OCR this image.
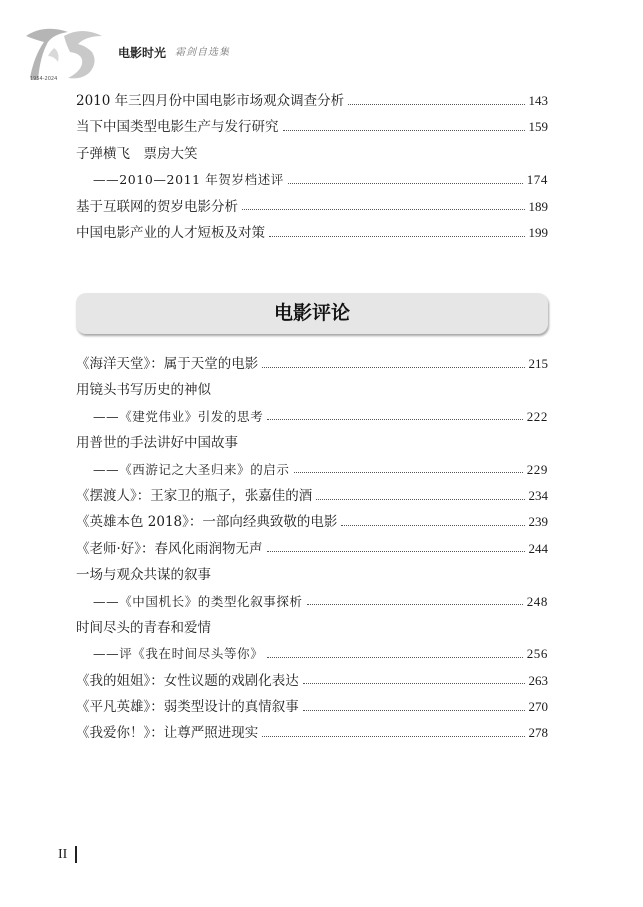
1954-2024
电影时光 霜剑自选集
2010 年三四月份中国电影市场观众调查分析	143
当下中国类型电影生产与发行研究	159
子弹横飞　票房大笑
——2010—2011 年贺岁档述评	174
基于互联网的贺岁电影分析	189
中国电影产业的人才短板及对策	199
电影评论
《海洋天堂》：属于天堂的电影	215
用镜头书写历史的神似
——《建党伟业》引发的思考	222
用普世的手法讲好中国故事
——《西游记之大圣归来》的启示	229
《摆渡人》：王家卫的瓶子，张嘉佳的酒	234
《英雄本色 2018》：一部向经典致敬的电影	239
《老师·好》：春风化雨润物无声	244
一场与观众共谋的叙事
——《中国机长》的类型化叙事探析	248
时间尽头的青春和爱情
——评《我在时间尽头等你》	256
《我的姐姐》：女性议题的戏剧化表达	263
《平凡英雄》：弱类型设计的真情叙事	270
《我爱你！》：让尊严照进现实	278
II
